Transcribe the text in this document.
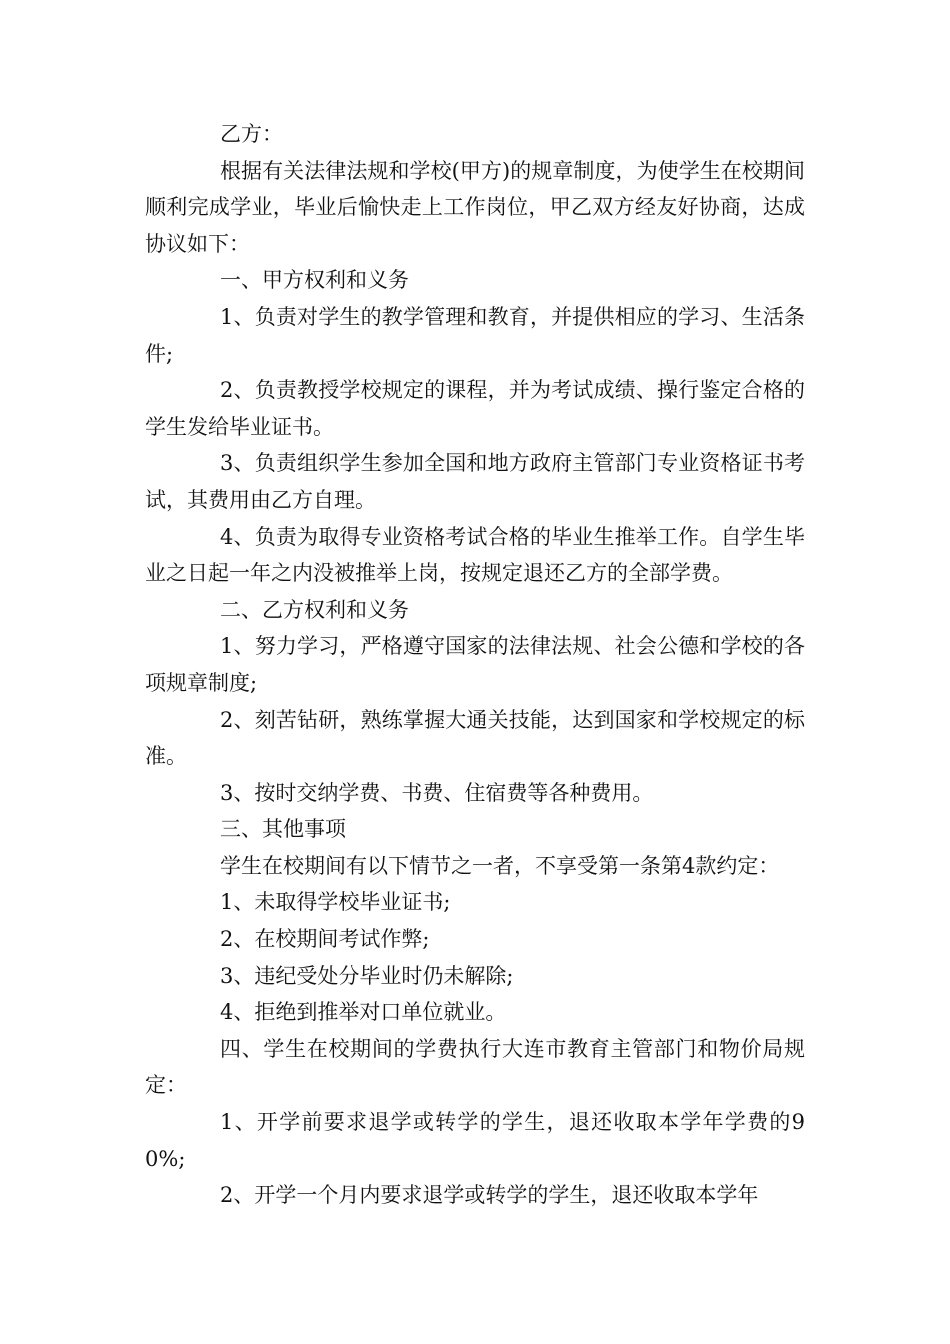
乙方：

根据有关法律法规和学校(甲方)的规章制度，为使学生在校期间顺利完成学业，毕业后愉快走上工作岗位，甲乙双方经友好协商，达成协议如下：

一、甲方权利和义务

1、负责对学生的教学管理和教育，并提供相应的学习、生活条件;

2、负责教授学校规定的课程，并为考试成绩、操行鉴定合格的学生发给毕业证书。

3、负责组织学生参加全国和地方政府主管部门专业资格证书考试，其费用由乙方自理。

4、负责为取得专业资格考试合格的毕业生推举工作。自学生毕业之日起一年之内没被推举上岗，按规定退还乙方的全部学费。

二、乙方权利和义务

1、努力学习，严格遵守国家的法律法规、社会公德和学校的各项规章制度;

2、刻苦钻研，熟练掌握大通关技能，达到国家和学校规定的标准。

3、按时交纳学费、书费、住宿费等各种费用。

三、其他事项

学生在校期间有以下情节之一者，不享受第一条第4款约定：

1、未取得学校毕业证书;

2、在校期间考试作弊;

3、违纪受处分毕业时仍未解除;

4、拒绝到推举对口单位就业。

四、学生在校期间的学费执行大连市教育主管部门和物价局规定：

1、开学前要求退学或转学的学生，退还收取本学年学费的90%;

2、开学一个月内要求退学或转学的学生，退还收取本学年
